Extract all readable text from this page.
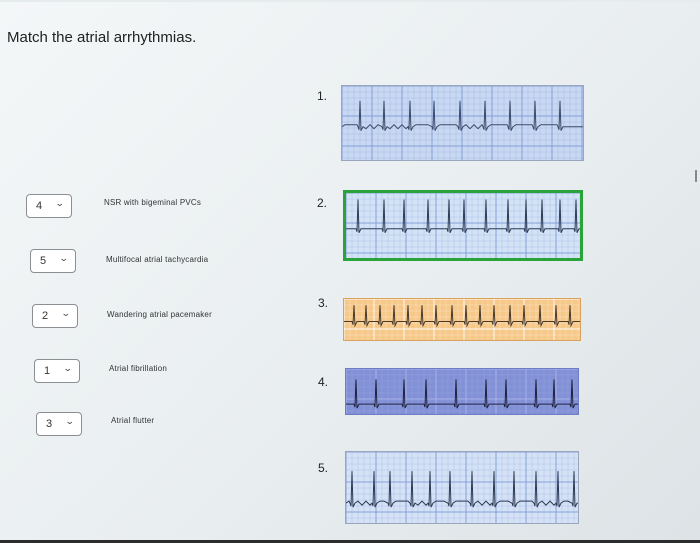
Match the atrial arrhythmias.
4 ⌄	NSR with bigeminal PVCs
5 ⌄	Multifocal atrial tachycardia
2 ⌄	Wandering atrial pacemaker
1 ⌄	Atrial fibrillation
3 ⌄	Atrial flutter
1.
2.
3.
4.
5.
